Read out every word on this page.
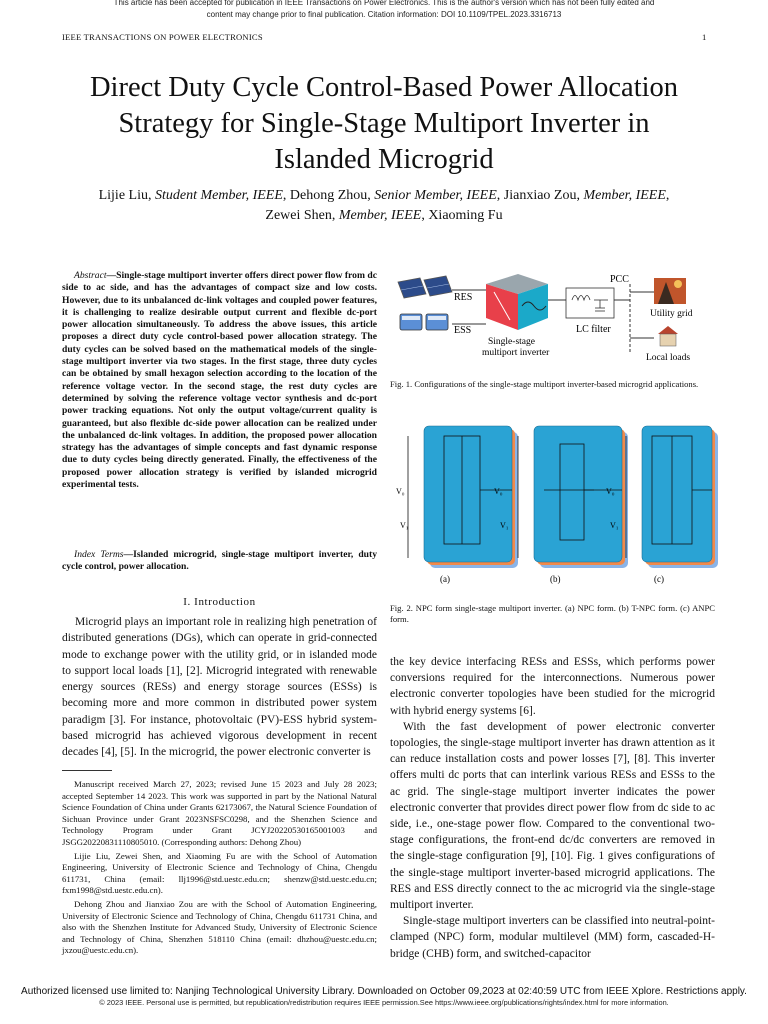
This article has been accepted for publication in IEEE Transactions on Power Electronics. This is the author's version which has not been fully edited and
content may change prior to final publication. Citation information: DOI 10.1109/TPEL.2023.3316713
IEEE TRANSACTIONS ON POWER ELECTRONICS	1
Direct Duty Cycle Control-Based Power Allocation
Strategy for Single-Stage Multiport Inverter in
Islanded Microgrid
Lijie Liu, Student Member, IEEE, Dehong Zhou, Senior Member, IEEE, Jianxiao Zou, Member, IEEE,
Zewei Shen, Member, IEEE, Xiaoming Fu
Abstract—Single-stage multiport inverter offers direct power flow from dc side to ac side, and has the advantages of compact size and low costs. However, due to its unbalanced dc-link voltages and coupled power features, it is challenging to realize desirable output current and flexible dc-port power allocation simultaneously. To address the above issues, this article proposes a direct duty cycle control-based power allocation strategy. The duty cycles can be solved based on the mathematical models of the single-stage multiport inverter via two stages. In the first stage, three duty cycles can be obtained by small hexagon selection according to the location of the reference voltage vector. In the second stage, the rest duty cycles are determined by solving the reference voltage vector synthesis and dc-port power tracking equations. Not only the output voltage/current quality is guaranteed, but also flexible dc-side power allocation can be realized under the unbalanced dc-link voltages. In addition, the proposed power allocation strategy has the advantages of simple concepts and fast dynamic response due to duty cycles being directly generated. Finally, the effectiveness of the proposed power allocation strategy is verified by islanded microgrid experimental tests.
Index Terms—Islanded microgrid, single-stage multiport inverter, duty cycle control, power allocation.
I. Introduction

Microgrid plays an important role in realizing high penetration of distributed generations (DGs), which can operate in grid-connected mode to exchange power with the utility grid, or in islanded mode to support local loads [1], [2]. Microgrid integrated with renewable energy sources (RESs) and energy storage sources (ESSs) is becoming more and more common in distributed power system paradigm [3]. For instance, photovoltaic (PV)-ESS hybrid system-based microgrid has achieved vigorous development in recent decades [4], [5]. In the microgrid, the power electronic converter is

Manuscript received March 27, 2023; revised June 15 2023 and July 28 2023; accepted September 14 2023. This work was supported in part by the National Natural Science Foundation of China under Grants 62173067, the Natural Science Foundation of Sichuan Province under Grant 2023NSFSC0298, and the Shenzhen Science and Technology Program under Grant JCYJ20220530165001003 and JSGG20220831110805010. (Corresponding authors: Dehong Zhou)

Lijie Liu, Zewei Shen, and Xiaoming Fu are with the School of Automation Engineering, University of Electronic Science and Technology of China, Chengdu 611731, China (email: llj1996@std.uestc.edu.cn; shenzw@std.uestc.edu.cn; fxm1998@std.uestc.edu.cn).

Dehong Zhou and Jianxiao Zou are with the School of Automation Engineering, University of Electronic Science and Technology of China, Chengdu 611731 China, and also with the Shenzhen Institute for Advanced Study, University of Electronic Science and Technology of China, Shenzhen 518110 China (email: dhzhou@uestc.edu.cn; jxzou@uestc.edu.cn).

RES
ESS
Single-stage
multiport inverter
LC filter
PCC
Utility grid
Local loads
Fig. 1. Configurations of the single-stage multiport inverter-based microgrid applications.
V₀
V₁
V₀
V₁
V₀
V₁
(a)	(b)	(c)
Fig. 2. NPC form single-stage multiport inverter. (a) NPC form. (b) T-NPC form. (c) ANPC form.

the key device interfacing RESs and ESSs, which performs power conversions required for the interconnections. Numerous power electronic converter topologies have been studied for the microgrid with hybrid energy systems [6].

With the fast development of power electronic converter topologies, the single-stage multiport inverter has drawn attention as it can reduce installation costs and power losses [7], [8]. This inverter offers multi dc ports that can interlink various RESs and ESSs to the ac grid. The single-stage multiport inverter indicates the power electronic converter that provides direct power flow from dc side to ac side, i.e., one-stage power flow. Compared to the conventional two-stage configurations, the front-end dc/dc converters are removed in the single-stage configuration [9], [10]. Fig. 1 gives configurations of the single-stage multiport inverter-based microgrid applications. The RES and ESS directly connect to the ac microgrid via the single-stage multiport inverter.

Single-stage multiport inverters can be classified into neutral-point-clamped (NPC) form, modular multilevel (MM) form, cascaded-H-bridge (CHB) form, and switched-capacitor

Authorized licensed use limited to: Nanjing Technological University Library. Downloaded on October 09,2023 at 02:40:59 UTC from IEEE Xplore. Restrictions apply.
© 2023 IEEE. Personal use is permitted, but republication/redistribution requires IEEE permission.See https://www.ieee.org/publications/rights/index.html for more information.
